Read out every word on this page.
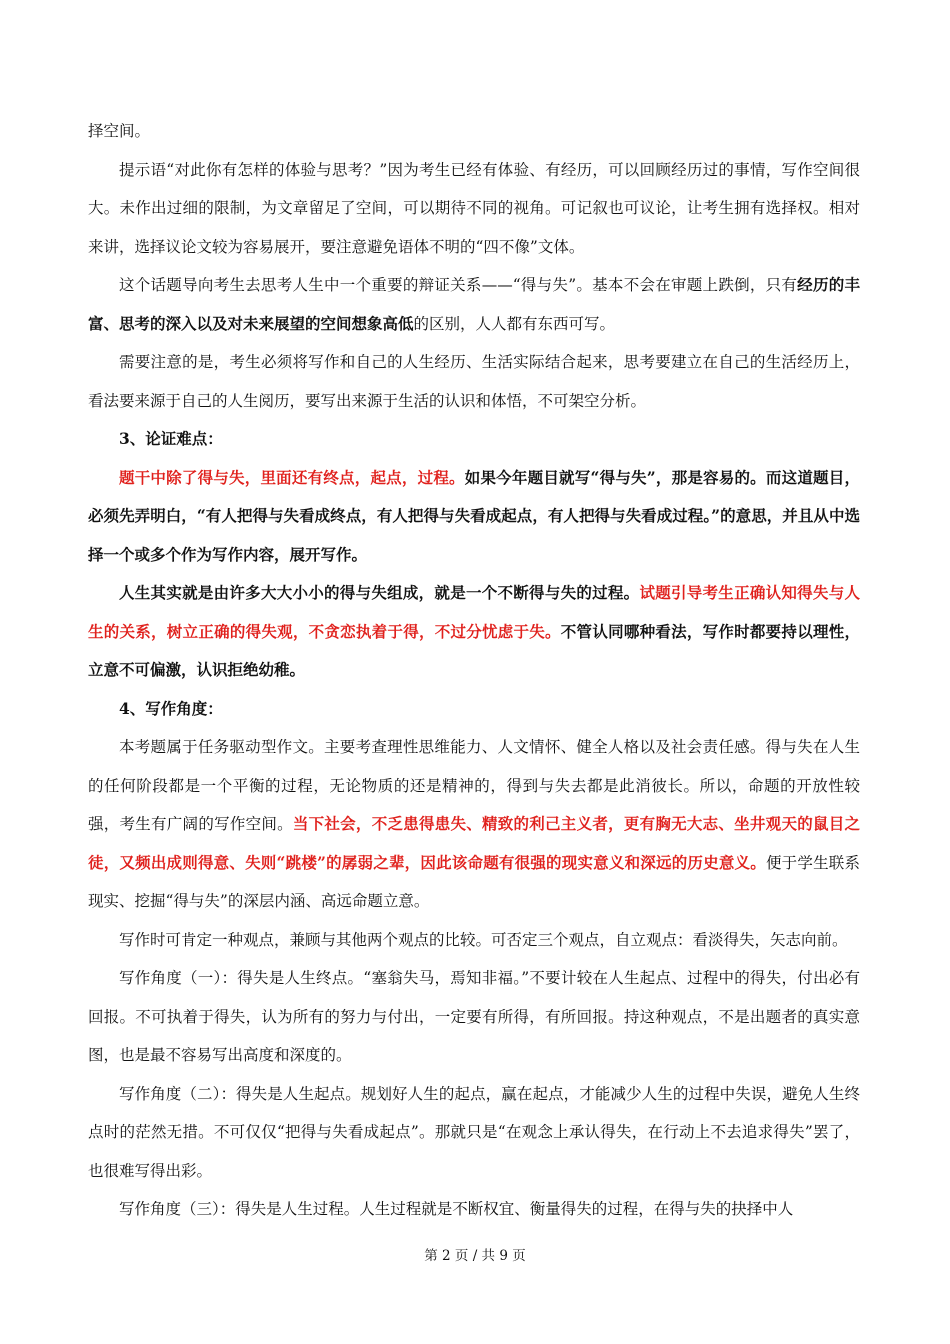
择空间。

提示语“对此你有怎样的体验与思考？”因为考生已经有体验、有经历，可以回顾经历过的事情，写作空间很大。未作出过细的限制，为文章留足了空间，可以期待不同的视角。可记叙也可议论，让考生拥有选择权。相对来讲，选择议论文较为容易展开，要注意避免语体不明的“四不像”文体。

这个话题导向考生去思考人生中一个重要的辩证关系——“得与失”。基本不会在审题上跌倒，只有经历的丰富、思考的深入以及对未来展望的空间想象高低的区别，人人都有东西可写。

需要注意的是，考生必须将写作和自己的人生经历、生活实际结合起来，思考要建立在自己的生活经历上，看法要来源于自己的人生阅历，要写出来源于生活的认识和体悟，不可架空分析。

3、论证难点：

题干中除了得与失，里面还有终点，起点，过程。如果今年题目就写“得与失”，那是容易的。而这道题目，必须先弄明白，“有人把得与失看成终点，有人把得与失看成起点，有人把得与失看成过程。”的意思，并且从中选择一个或多个作为写作内容，展开写作。

人生其实就是由许多大大小小的得与失组成，就是一个不断得与失的过程。试题引导考生正确认知得失与人生的关系，树立正确的得失观，不贪恋执着于得，不过分忧虑于失。不管认同哪种看法，写作时都要持以理性，立意不可偏激，认识拒绝幼稚。

4、写作角度：

本考题属于任务驱动型作文。主要考查理性思维能力、人文情怀、健全人格以及社会责任感。得与失在人生的任何阶段都是一个平衡的过程，无论物质的还是精神的，得到与失去都是此消彼长。所以，命题的开放性较强，考生有广阔的写作空间。当下社会，不乏患得患失、精致的利己主义者，更有胸无大志、坐井观天的鼠目之徒，又频出成则得意、失则“跳楼”的孱弱之辈，因此该命题有很强的现实意义和深远的历史意义。便于学生联系现实、挖掘“得与失”的深层内涵、高远命题立意。

写作时可肯定一种观点，兼顾与其他两个观点的比较。可否定三个观点，自立观点：看淡得失，矢志向前。

写作角度（一）：得失是人生终点。“塞翁失马，焉知非福。”不要计较在人生起点、过程中的得失，付出必有回报。不可执着于得失，认为所有的努力与付出，一定要有所得，有所回报。持这种观点，不是出题者的真实意图，也是最不容易写出高度和深度的。

写作角度（二）：得失是人生起点。规划好人生的起点，赢在起点，才能减少人生的过程中失误，避免人生终点时的茫然无措。不可仅仅“把得与失看成起点”。那就只是“在观念上承认得失，在行动上不去追求得失”罢了，也很难写得出彩。

写作角度（三）：得失是人生过程。人生过程就是不断权宜、衡量得失的过程，在得与失的抉择中人

第 2 页 / 共 9 页
